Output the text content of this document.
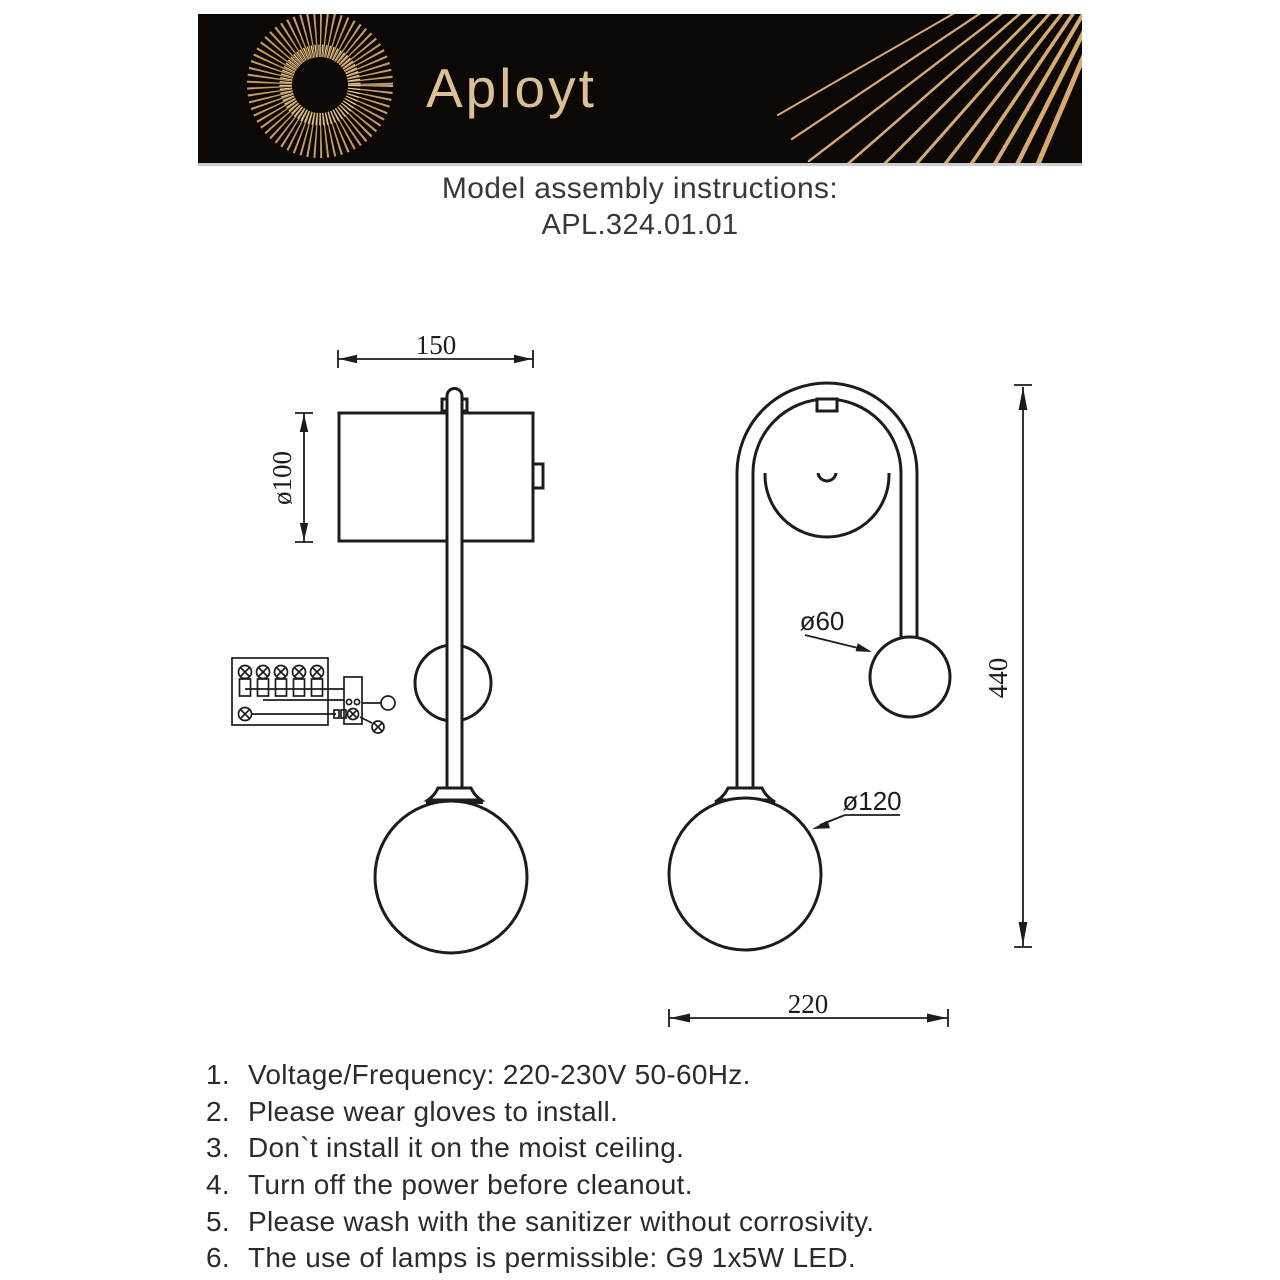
Aployt
Model assembly instructions:
APL.324.01.01
150
ø100
ø60
ø120
440
220
1. Voltage/Frequency: 220-230V 50-60Hz.
2. Please wear gloves to install.
3. Don`t install it on the moist ceiling.
4. Turn off the power before cleanout.
5. Please wash with the sanitizer without corrosivity.
6. The use of lamps is permissible: G9 1x5W LED.
